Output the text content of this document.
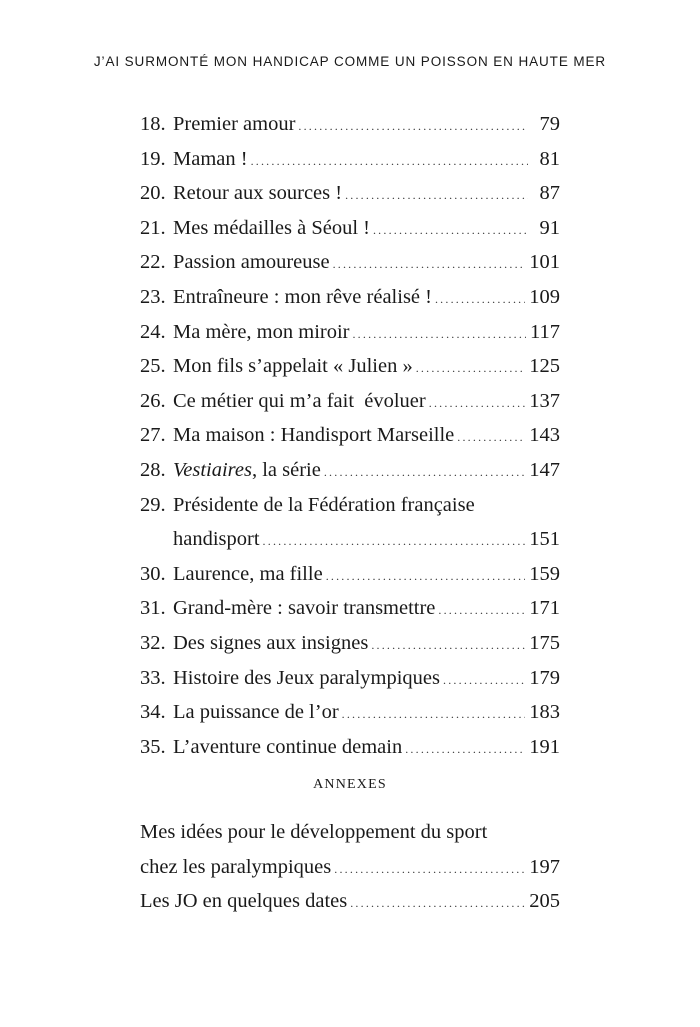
J’AI SURMONTÉ MON HANDICAP COMME UN POISSON EN HAUTE MER
18. Premier amour .....	79
19. Maman ! .....	81
20. Retour aux sources ! .....	87
21. Mes médailles à Séoul ! .....	91
22. Passion amoureuse .....	101
23. Entraîneure : mon rêve réalisé ! .....	109
24. Ma mère, mon miroir .....	117
25. Mon fils s’appelait « Julien » .....	125
26. Ce métier qui m’a fait  évoluer .....	137
27. Ma maison : Handisport Marseille .....	143
28. Vestiaires, la série .....	147
29. Présidente de la Fédération française
handisport .....	151
30. Laurence, ma fille .....	159
31. Grand-mère : savoir transmettre .....	171
32. Des signes aux insignes .....	175
33. Histoire des Jeux paralympiques .....	179
34. La puissance de l’or .....	183
35. L’aventure continue demain .....	191
ANNEXES
Mes idées pour le développement du sport
chez les paralympiques .....	197
Les JO en quelques dates .....	205
